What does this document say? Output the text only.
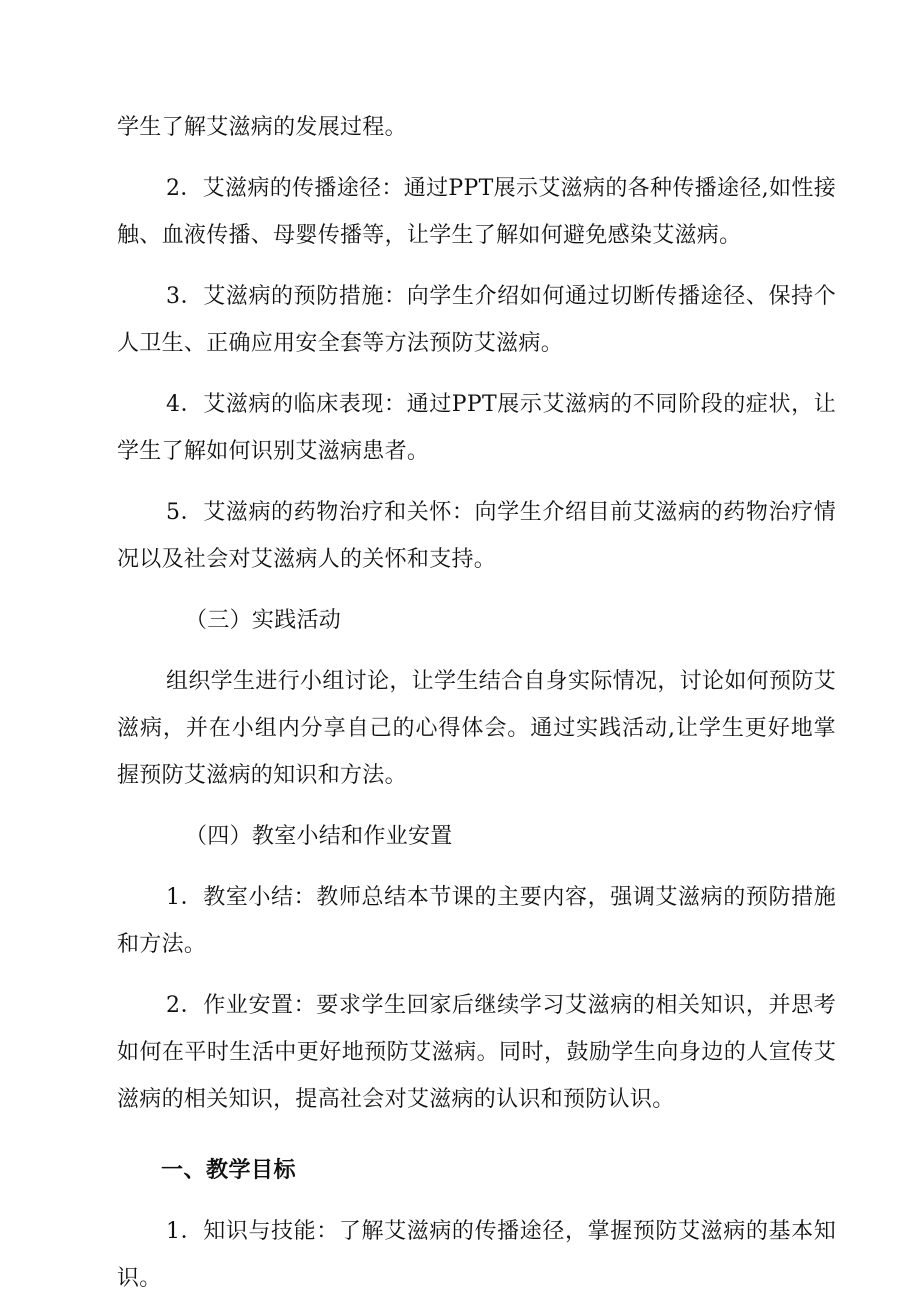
学生了解艾滋病的发展过程。

2．艾滋病的传播途径：通过PPT展示艾滋病的各种传播途径,如性接触、血液传播、母婴传播等，让学生了解如何避免感染艾滋病。

3．艾滋病的预防措施：向学生介绍如何通过切断传播途径、保持个人卫生、正确应用安全套等方法预防艾滋病。

4．艾滋病的临床表现：通过PPT展示艾滋病的不同阶段的症状，让学生了解如何识别艾滋病患者。

5．艾滋病的药物治疗和关怀：向学生介绍目前艾滋病的药物治疗情况以及社会对艾滋病人的关怀和支持。

（三）实践活动

组织学生进行小组讨论，让学生结合自身实际情况，讨论如何预防艾滋病，并在小组内分享自己的心得体会。通过实践活动,让学生更好地掌握预防艾滋病的知识和方法。

（四）教室小结和作业安置

1．教室小结：教师总结本节课的主要内容，强调艾滋病的预防措施和方法。

2．作业安置：要求学生回家后继续学习艾滋病的相关知识，并思考如何在平时生活中更好地预防艾滋病。同时，鼓励学生向身边的人宣传艾滋病的相关知识，提高社会对艾滋病的认识和预防认识。

一、教学目标

1．知识与技能：了解艾滋病的传播途径，掌握预防艾滋病的基本知识。
